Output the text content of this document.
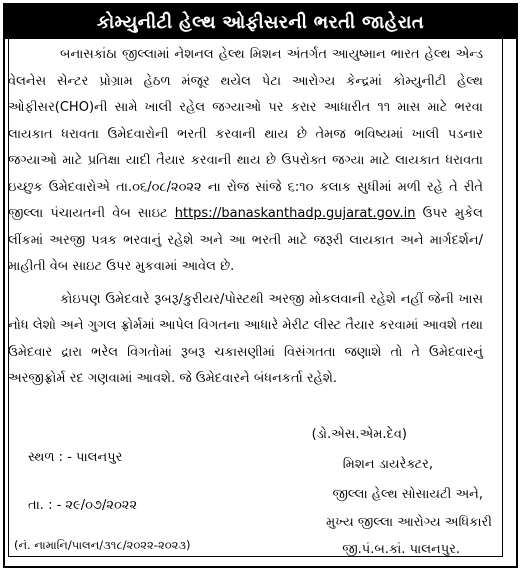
કોમ્યુનીટી હેલ્થ ઓફીસરની ભરતી જાહેરાત

બનાસકાંઠા જીલ્લામાં નેશનલ હેલ્થ મિશન અંતર્ગત આયુષ્માન ભારત હેલ્થ એન્ડ વેલનેસ સેન્ટર પ્રોગ્રામ હેઠળ મંજૂર થયેલ પેટા આરોગ્ય કેન્દ્રમાં કોમ્યુનીટી હેલ્થ ઓફીસર(CHO)ની સામે ખાલી રહેલ જગ્યાઓ પર કરાર આધારીત ૧૧ માસ માટે ભરવા લાયકાત ધરાવતા ઉમેદવારોની ભરતી કરવાની થાય છે તેમજ ભવિષ્યમાં ખાલી પડનાર જગ્યાઓ માટે પ્રતિક્ષા યાદી તૈયાર કરવાની થાય છે ઉપરોક્ત જગ્યા માટે લાયકાત ધરાવતા ઇચ્છુક ઉમેદવારોએ તા.૦૬/૦૮/૨૦૨૨ ના રોજ સાંજે ૬:૧૦ કલાક સુધીમાં મળી રહે તે રીતે જીલ્લા પંચાયતની વેબ સાઇટ https://banaskanthadp.gujarat.gov.in ઉપર મુકેલ લીંકમાં અરજી પત્રક ભરવાનું રહેશે અને આ ભરતી માટે જરૂરી લાયકાત અને માર્ગદર્શન/ માહીતી વેબ સાઇટ ઉપર મુકવામાં આવેલ છે.

કોઇપણ ઉમેદવારે રૂબરૂ/કુરીયર/પોસ્ટથી અરજી મોકલવાની રહેશે નહીં જેની ખાસ નોધ લેશો અને ગુગલ ફ્રોર્મમાં આપેલ વિગતના આધારે મેરીટ લીસ્ટ તૈયાર કરવામાં આવશે તથા ઉમેદવાર દ્રારા ભરેલ વિગતોમાં રૂબરૂ ચકાસણીમાં વિસંગતતા જણાશે તો તે ઉમેદવારનું અરજીફ્રોર્મ રદ ગણવામાં આવશે. જે ઉમેદવારને બંધનકર્તા રહેશે.

(ડો.એસ.એમ.દેવ)
મિશન ડાયરેક્ટર,
જીલ્લા હેલ્થ સોસાયટી અને,
મુખ્ય જીલ્લા આરોગ્ય અધિકારી
જી.પં.બ.કાં. પાલનપુર.
સ્થળ : - પાલનપુર
તા. : - ૨૯/૦૭/૨૦૨૨
(નં. નામાનિ/પાલન/૩૧૮/૨૦૨૨-૨૦૨૩)
